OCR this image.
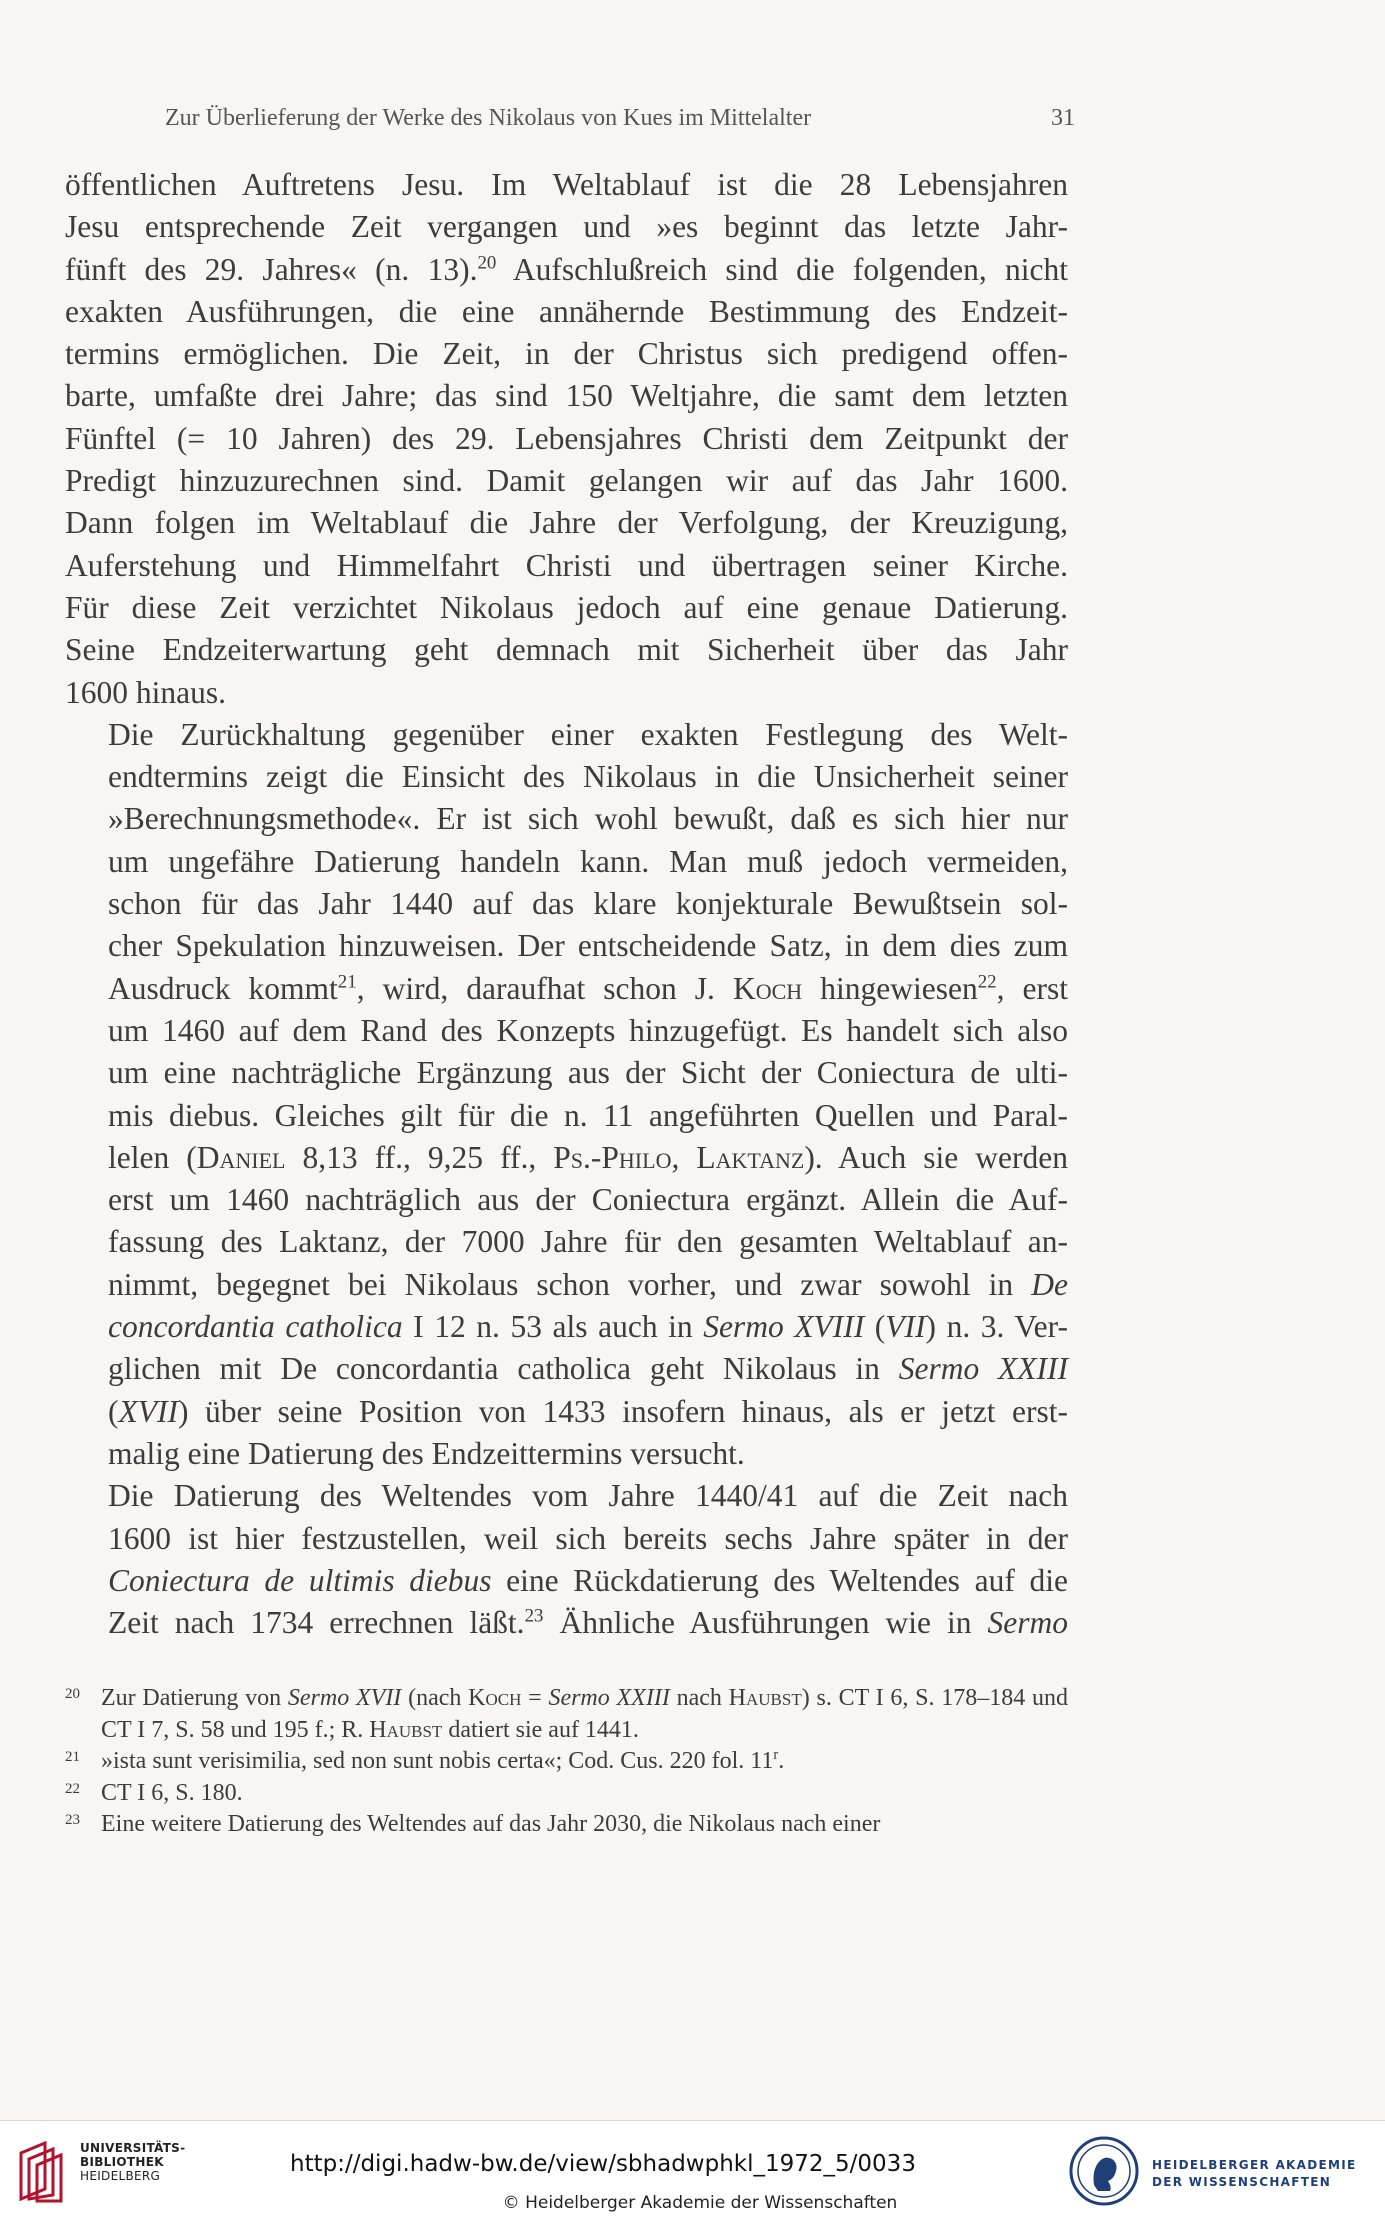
Zur Überlieferung der Werke des Nikolaus von Kues im Mittelalter	31

öffentlichen Auftretens Jesu. Im Weltablauf ist die 28 Lebensjahren
Jesu entsprechende Zeit vergangen und »es beginnt das letzte Jahr-
fünft des 29. Jahres« (n. 13).$^{20}$ Aufschlußreich sind die folgenden, nicht
exakten Ausführungen, die eine annähernde Bestimmung des Endzeit-
termins ermöglichen. Die Zeit, in der Christus sich predigend offen-
barte, umfaßte drei Jahre; das sind 150 Weltjahre, die samt dem letzten
Fünftel (= 10 Jahren) des 29. Lebensjahres Christi dem Zeitpunkt der
Predigt hinzuzurechnen sind. Damit gelangen wir auf das Jahr 1600.
Dann folgen im Weltablauf die Jahre der Verfolgung, der Kreuzigung,
Auferstehung und Himmelfahrt Christi und übertragen seiner Kirche.
Für diese Zeit verzichtet Nikolaus jedoch auf eine genaue Datierung.
Seine Endzeiterwartung geht demnach mit Sicherheit über das Jahr
1600 hinaus.

Die Zurückhaltung gegenüber einer exakten Festlegung des Welt-
endtermins zeigt die Einsicht des Nikolaus in die Unsicherheit seiner
»Berechnungsmethode«. Er ist sich wohl bewußt, daß es sich hier nur
um ungefähre Datierung handeln kann. Man muß jedoch vermeiden,
schon für das Jahr 1440 auf das klare konjekturale Bewußtsein sol-
cher Spekulation hinzuweisen. Der entscheidende Satz, in dem dies zum
Ausdruck kommt$^{21}$, wird, daraufhat schon J. Koch hingewiesen$^{22}$, erst
um 1460 auf dem Rand des Konzepts hinzugefügt. Es handelt sich also
um eine nachträgliche Ergänzung aus der Sicht der Coniectura de ulti-
mis diebus. Gleiches gilt für die n. 11 angeführten Quellen und Paral-
lelen (Daniel 8,13 ff., 9,25 ff., Ps.-Philo, Laktanz). Auch sie werden
erst um 1460 nachträglich aus der Coniectura ergänzt. Allein die Auf-
fassung des Laktanz, der 7000 Jahre für den gesamten Weltablauf an-
nimmt, begegnet bei Nikolaus schon vorher, und zwar sowohl in De
concordantia catholica I 12 n. 53 als auch in Sermo XVIII (VII) n. 3. Ver-
glichen mit De concordantia catholica geht Nikolaus in Sermo XXIII
(XVII) über seine Position von 1433 insofern hinaus, als er jetzt erst-
malig eine Datierung des Endzeittermins versucht.

Die Datierung des Weltendes vom Jahre 1440/41 auf die Zeit nach
1600 ist hier festzustellen, weil sich bereits sechs Jahre später in der
Coniectura de ultimis diebus eine Rückdatierung des Weltendes auf die
Zeit nach 1734 errechnen läßt.$^{23}$ Ähnliche Ausführungen wie in Sermo

20 Zur Datierung von Sermo XVII (nach Koch = Sermo XXIII nach Haubst) s. CT I 6, S. 178–184 und CT I 7, S. 58 und 195 f.; R. Haubst datiert sie auf 1441.
21 »ista sunt verisimilia, sed non sunt nobis certa«; Cod. Cus. 220 fol. 11$^r$.
22 CT I 6, S. 180.
23 Eine weitere Datierung des Weltendes auf das Jahr 2030, die Nikolaus nach einer
UNIVERSITÄTS-
BIBLIOTHEK
HEIDELBERG	http://digi.hadw-bw.de/view/sbhadwphkl_1972_5/0033
© Heidelberger Akademie der Wissenschaften
HEIDELBERGER AKADEMIE
DER WISSENSCHAFTEN
